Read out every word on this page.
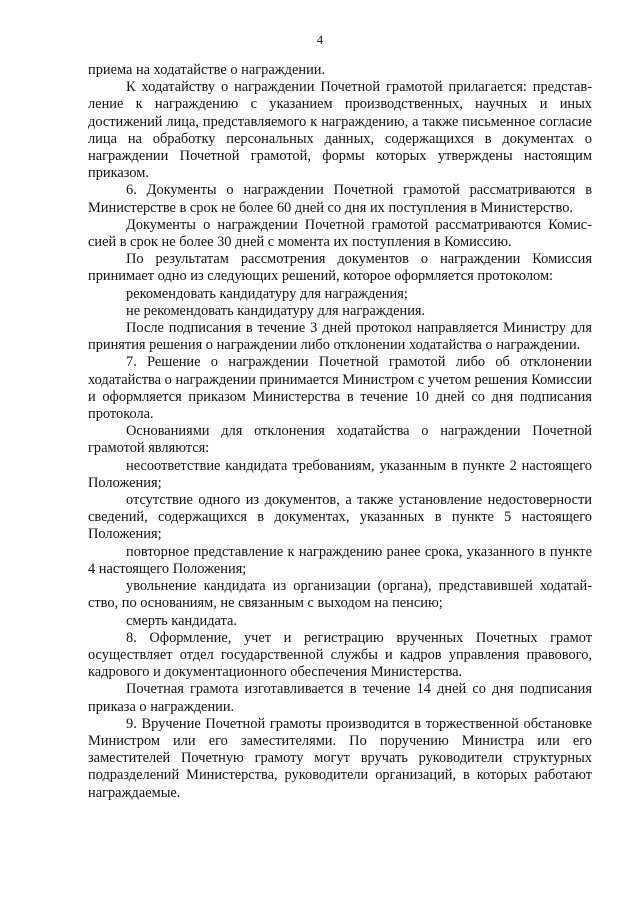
4

приема на ходатайстве о награждении.

К ходатайству о награждении Почетной грамотой прилагается: представление к награждению с указанием производственных, научных и иных достижений лица, представляемого к награждению, а также письменное согласие лица на обработку персональных данных, содержащихся в документах о награждении Почетной грамотой, формы которых утверждены настоящим приказом.

6. Документы о награждении Почетной грамотой рассматриваются в Министерстве в срок не более 60 дней со дня их поступления в Министерство.

Документы о награждении Почетной грамотой рассматриваются Комиссией в срок не более 30 дней с момента их поступления в Комиссию.

По результатам рассмотрения документов о награждении Комиссия принимает одно из следующих решений, которое оформляется протоколом:

рекомендовать кандидатуру для награждения;

не рекомендовать кандидатуру для награждения.

После подписания в течение 3 дней протокол направляется Министру для принятия решения о награждении либо отклонении ходатайства о награждении.

7. Решение о награждении Почетной грамотой либо об отклонении ходатайства о награждении принимается Министром с учетом решения Комиссии и оформляется приказом Министерства в течение 10 дней со дня подписания протокола.

Основаниями для отклонения ходатайства о награждении Почетной грамотой являются:

несоответствие кандидата требованиям, указанным в пункте 2 настоящего Положения;

отсутствие одного из документов, а также установление недостоверности сведений, содержащихся в документах, указанных в пункте 5 настоящего Положения;

повторное представление к награждению ранее срока, указанного в пункте 4 настоящего Положения;

увольнение кандидата из организации (органа), представившей ходатайство, по основаниям, не связанным с выходом на пенсию;

смерть кандидата.

8. Оформление, учет и регистрацию врученных Почетных грамот осуществляет отдел государственной службы и кадров управления правового, кадрового и документационного обеспечения Министерства.

Почетная грамота изготавливается в течение 14 дней со дня подписания приказа о награждении.

9. Вручение Почетной грамоты производится в торжественной обстановке Министром или его заместителями. По поручению Министра или его заместителей Почетную грамоту могут вручать руководители структурных подразделений Министерства, руководители организаций, в которых работают награждаемые.
